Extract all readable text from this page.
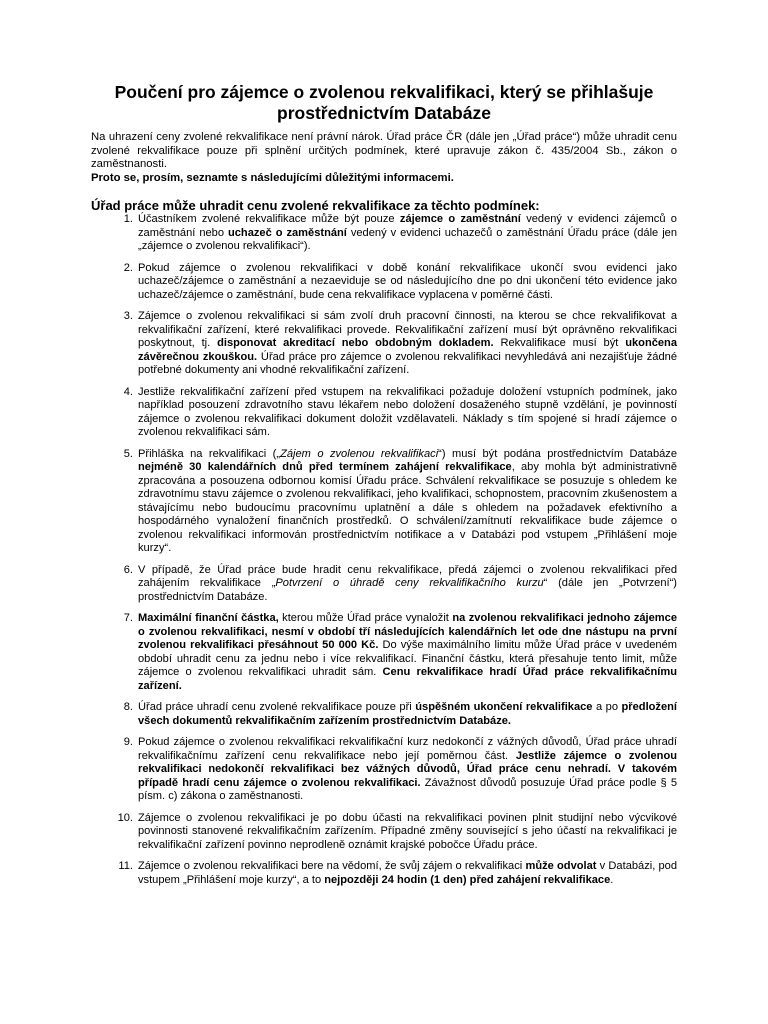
Poučení pro zájemce o zvolenou rekvalifikaci, který se přihlašuje
prostřednictvím Databáze

Na uhrazení ceny zvolené rekvalifikace není právní nárok. Úřad práce ČR (dále jen „Úřad práce“) může uhradit cenu zvolené rekvalifikace pouze při splnění určitých podmínek, které upravuje zákon č. 435/2004 Sb., zákon o zaměstnanosti.
Proto se, prosím, seznamte s následujícími důležitými informacemi.

Úřad práce může uhradit cenu zvolené rekvalifikace za těchto podmínek:
1. Účastníkem zvolené rekvalifikace může být pouze zájemce o zaměstnání vedený v evidenci zájemců o zaměstnání nebo uchazeč o zaměstnání vedený v evidenci uchazečů o zaměstnání Úřadu práce (dále jen „zájemce o zvolenou rekvalifikaci“).
2. Pokud zájemce o zvolenou rekvalifikaci v době konání rekvalifikace ukončí svou evidenci jako uchazeč/zájemce o zaměstnání a nezaeviduje se od následujícího dne po dni ukončení této evidence jako uchazeč/zájemce o zaměstnání, bude cena rekvalifikace vyplacena v poměrné části.
3. Zájemce o zvolenou rekvalifikaci si sám zvolí druh pracovní činnosti, na kterou se chce rekvalifikovat a rekvalifikační zařízení, které rekvalifikaci provede. Rekvalifikační zařízení musí být oprávněno rekvalifikaci poskytnout, tj. disponovat akreditací nebo obdobným dokladem. Rekvalifikace musí být ukončena závěrečnou zkouškou. Úřad práce pro zájemce o zvolenou rekvalifikaci nevyhledává ani nezajišťuje žádné potřebné dokumenty ani vhodné rekvalifikační zařízení.
4. Jestliže rekvalifikační zařízení před vstupem na rekvalifikaci požaduje doložení vstupních podmínek, jako například posouzení zdravotního stavu lékařem nebo doložení dosaženého stupně vzdělání, je povinností zájemce o zvolenou rekvalifikaci dokument doložit vzdělavateli. Náklady s tím spojené si hradí zájemce o zvolenou rekvalifikaci sám.
5. Přihláška na rekvalifikaci („Zájem o zvolenou rekvalifikaci“) musí být podána prostřednictvím Databáze nejméně 30 kalendářních dnů před termínem zahájení rekvalifikace, aby mohla být administrativně zpracována a posouzena odbornou komisí Úřadu práce. Schválení rekvalifikace se posuzuje s ohledem ke zdravotnímu stavu zájemce o zvolenou rekvalifikaci, jeho kvalifikaci, schopnostem, pracovním zkušenostem a stávajícímu nebo budoucímu pracovnímu uplatnění a dále s ohledem na požadavek efektivního a hospodárného vynaložení finančních prostředků. O schválení/zamítnutí rekvalifikace bude zájemce o zvolenou rekvalifikaci informován prostřednictvím notifikace a v Databázi pod vstupem „Přihlášení moje kurzy“.
6. V případě, že Úřad práce bude hradit cenu rekvalifikace, předá zájemci o zvolenou rekvalifikaci před zahájením rekvalifikace „Potvrzení o úhradě ceny rekvalifikačního kurzu“ (dále jen „Potvrzení“) prostřednictvím Databáze.
7. Maximální finanční částka, kterou může Úřad práce vynaložit na zvolenou rekvalifikaci jednoho zájemce o zvolenou rekvalifikaci, nesmí v období tří následujících kalendářních let ode dne nástupu na první zvolenou rekvalifikaci přesáhnout 50 000 Kč. Do výše maximálního limitu může Úřad práce v uvedeném období uhradit cenu za jednu nebo i více rekvalifikací. Finanční částku, která přesahuje tento limit, může zájemce o zvolenou rekvalifikaci uhradit sám. Cenu rekvalifikace hradí Úřad práce rekvalifikačnímu zařízení.
8. Úřad práce uhradí cenu zvolené rekvalifikace pouze při úspěšném ukončení rekvalifikace a po předložení všech dokumentů rekvalifikačním zařízením prostřednictvím Databáze.
9. Pokud zájemce o zvolenou rekvalifikaci rekvalifikační kurz nedokončí z vážných důvodů, Úřad práce uhradí rekvalifikačnímu zařízení cenu rekvalifikace nebo její poměrnou část. Jestliže zájemce o zvolenou rekvalifikaci nedokončí rekvalifikaci bez vážných důvodů, Úřad práce cenu nehradí. V takovém případě hradí cenu zájemce o zvolenou rekvalifikaci. Závažnost důvodů posuzuje Úřad práce podle § 5 písm. c) zákona o zaměstnanosti.
10. Zájemce o zvolenou rekvalifikaci je po dobu účasti na rekvalifikaci povinen plnit studijní nebo výcvikové povinnosti stanovené rekvalifikačním zařízením. Případné změny související s jeho účastí na rekvalifikaci je rekvalifikační zařízení povinno neprodleně oznámit krajské pobočce Úřadu práce.
11. Zájemce o zvolenou rekvalifikaci bere na vědomí, že svůj zájem o rekvalifikaci může odvolat v Databázi, pod vstupem „Přihlášení moje kurzy“, a to nejpozději 24 hodin (1 den) před zahájení rekvalifikace.
